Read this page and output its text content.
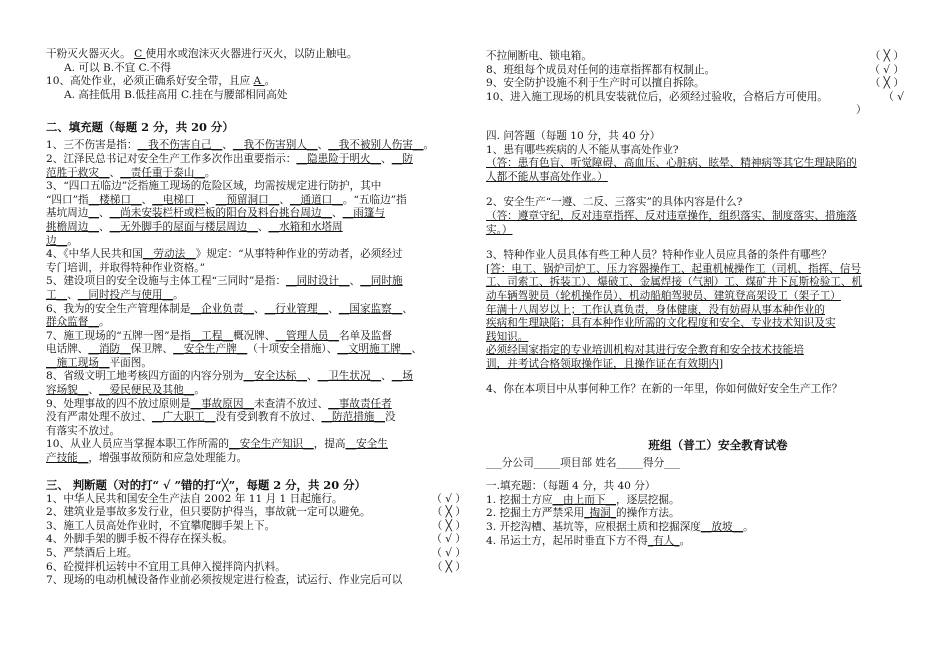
干粉灭火器灭火。 C 使用水或泡沫灭火器进行灭火，以防止触电。
A. 可以 B.不宜 C.不得
10、高处作业，必须正确系好安全带，且应 A 。
A. 高挂低用 B.低挂高用 C.挂在与腰部相同高处
二、填充题（每题 2 分，共 20 分）
1、三不伤害是指：__我不伤害自己__、__我不伤害别人__、__我不被别人伤害__。
2、江泽民总书记对安全生产工作多次作出重要指示：__隐患险于明火__、__防
范胜于救灾__、__责任重于泰山__。
3、“四口五临边”泛指施工现场的危险区域，均需按规定进行防护，其中
“四口”指__楼梯口__、__电梯口__、__预留洞口__、__通道口__。“五临边”指
基坑周边__、__尚未安装栏杆或栏板的阳台及料台挑台周边__、__雨篷与
挑檐周边__、__无外脚手的屋面与楼层周边__、__水箱和水塔周
边__。
4、《中华人民共和国__劳动法__》规定：“从事特种作业的劳动者，必须经过
专门培训，并取得特种作业资格。”
5、建设项目的安全设施与主体工程“三同时”是指：__同时设计__、__同时施
工__、__同时投产与使用__。
6、我为的安全生产管理体制是__企业负责__、__行业管理__、__国家监察__、
群众监督__。
7、施工现场的“五牌一图”是指__工程__概况牌、__管理人员__名单及监督
电话牌、__消防__保卫牌、__安全生产牌__（十项安全措施）、__文明施工牌__、
__施工现场__平面图。
8、省级文明工地考核四方面的内容分别为__安全达标__、__卫生状况__、__场
容场貌__、__爱民便民及其他__。
9、处理事故的四不放过原则是__事故原因__未查清不放过、__事故责任者
没有严肃处理不放过、__广大职工__没有受到教育不放过、__防范措施__没
有落实不放过。
10、从业人员应当掌握本职工作所需的__安全生产知识__，提高__安全生
产技能__，增强事故预防和应急处理能力。
三、 判断题（对的打“ √ ”错的打“╳”，每题 2 分，共 20 分）
1、中华人民共和国安全生产法自 2002 年 11 月 1 日起施行。	（ √ ）
2、建筑业是事故多发行业，但只要防护得当，事故就一定可以避免。	（ ╳ ）
3、施工人员高处作业时，不宜攀爬脚手架上下。	（ ╳ ）
4、外脚手架的脚手板不得存在探头板。	（ √ ）
5、严禁酒后上班。	（ √ ）
6、砼搅拌机运转中不宜用工具伸入搅拌筒内扒料。	（ ╳ ）
7、现场的电动机械设备作业前必须按规定进行检查，试运行、作业完后可以
不拉闸断电、锁电箱。	（ ╳ ）
8、班组每个成员对任何的违章指挥都有权制止。	（ √ ）
9、安全防护设施不利于生产时可以擅自拆除。	（ ╳ ）
10、进入施工现场的机具安装就位后，必须经过验收，合格后方可使用。	（ √
）
四. 问答题（每题 10 分，共 40 分）
1、患有哪些疾病的人不能从事高处作业?
（答：患有色盲、听觉障碍、高血压、心脏病、眩晕、精神病等其它生理缺陷的
人都不能从事高处作业。）
2、安全生产“一遵、二反、三落实”的具体内容是什么?
（答：遵章守纪，反对违章指挥、反对违章操作，组织落实、制度落实、措施落
实。）
3、特种作业人员具体有些工种人员？特种作业人员应具备的条件有哪些？
[答：电工、锅炉司炉工、压力容器操作工、起重机械操作工（司机、指挥、信号
工、司索工、拆装工）、爆破工、金属焊接（气割）工、煤矿井下瓦斯检验工、机
动车辆驾驶员（轮机操作员）、机动船舶驾驶员、建筑登高架设工（架子工）
年满十八周岁以上；工作认真负责，身体健康，没有妨碍从事本种作业的
疾病和生理缺陷；具有本种作业所需的文化程度和安全、专业技术知识及实
践知识。
必须经国家指定的专业培训机构对其进行安全教育和安全技术技能培
训，并考试合格领取操作证，且操作证在有效期内]
4、你在本项目中从事何种工作？在新的一年里，你如何做好安全生产工作？
班组（普工）安全教育试卷
___分公司_____项目部 姓名_____得分___
一.填充题：（每题 4 分，共 40 分）
1. 挖掘土方应__由上而下__，逐层挖掘。
2. 挖掘土方严禁采用_掏洞_的操作方法。
3. 开挖沟槽、基坑等，应根据土质和挖掘深度__放坡__。
4. 吊运土方，起吊时垂直下方不得_有人_。
